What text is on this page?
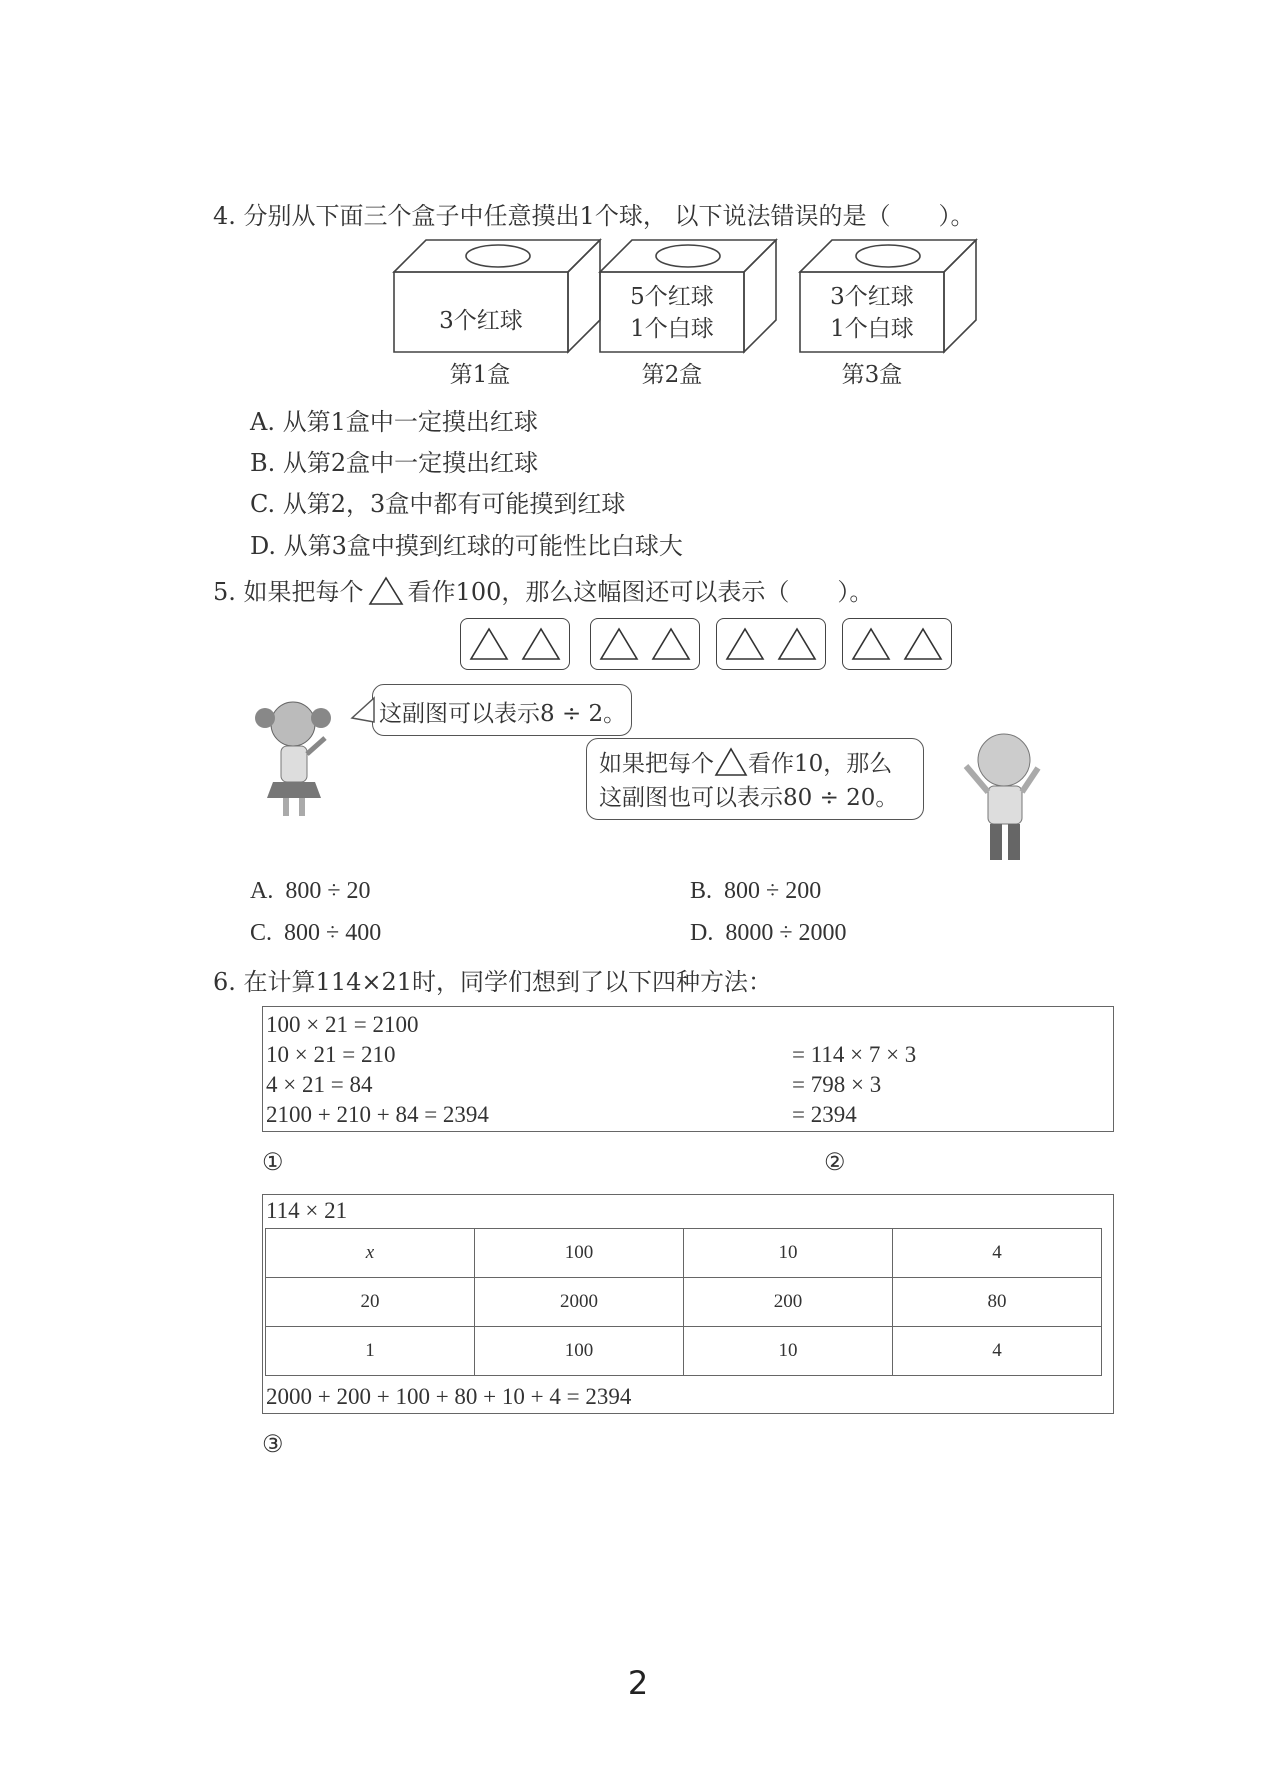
4. 分别从下面三个盒子中任意摸出1个球， 以下说法错误的是（　　）。
3个红球
5个红球
1个白球
3个红球
1个白球
第1盒	第2盒	第3盒
A. 从第1盒中一定摸出红球
B. 从第2盒中一定摸出红球
C. 从第2，3盒中都有可能摸到红球
D. 从第3盒中摸到红球的可能性比白球大
5. 如果把每个 看作100，那么这幅图还可以表示（　　）。
这副图可以表示8 ÷ 2。
如果把每个 看作10，那么
这副图也可以表示80 ÷ 20。
A. 800 ÷ 20	B. 800 ÷ 200
C. 800 ÷ 400	D. 8000 ÷ 2000
6. 在计算114×21时，同学们想到了以下四种方法：
100 × 21 = 2100
10 × 21 = 210
4 × 21 = 84
2100 + 210 + 84 = 2394
= 114 × 7 × 3
= 798 × 3
= 2394
①	②
114 × 21
x	100	10	4
20	2000	200	80
1	100	10	4
2000 + 200 + 100 + 80 + 10 + 4 = 2394
③
2
